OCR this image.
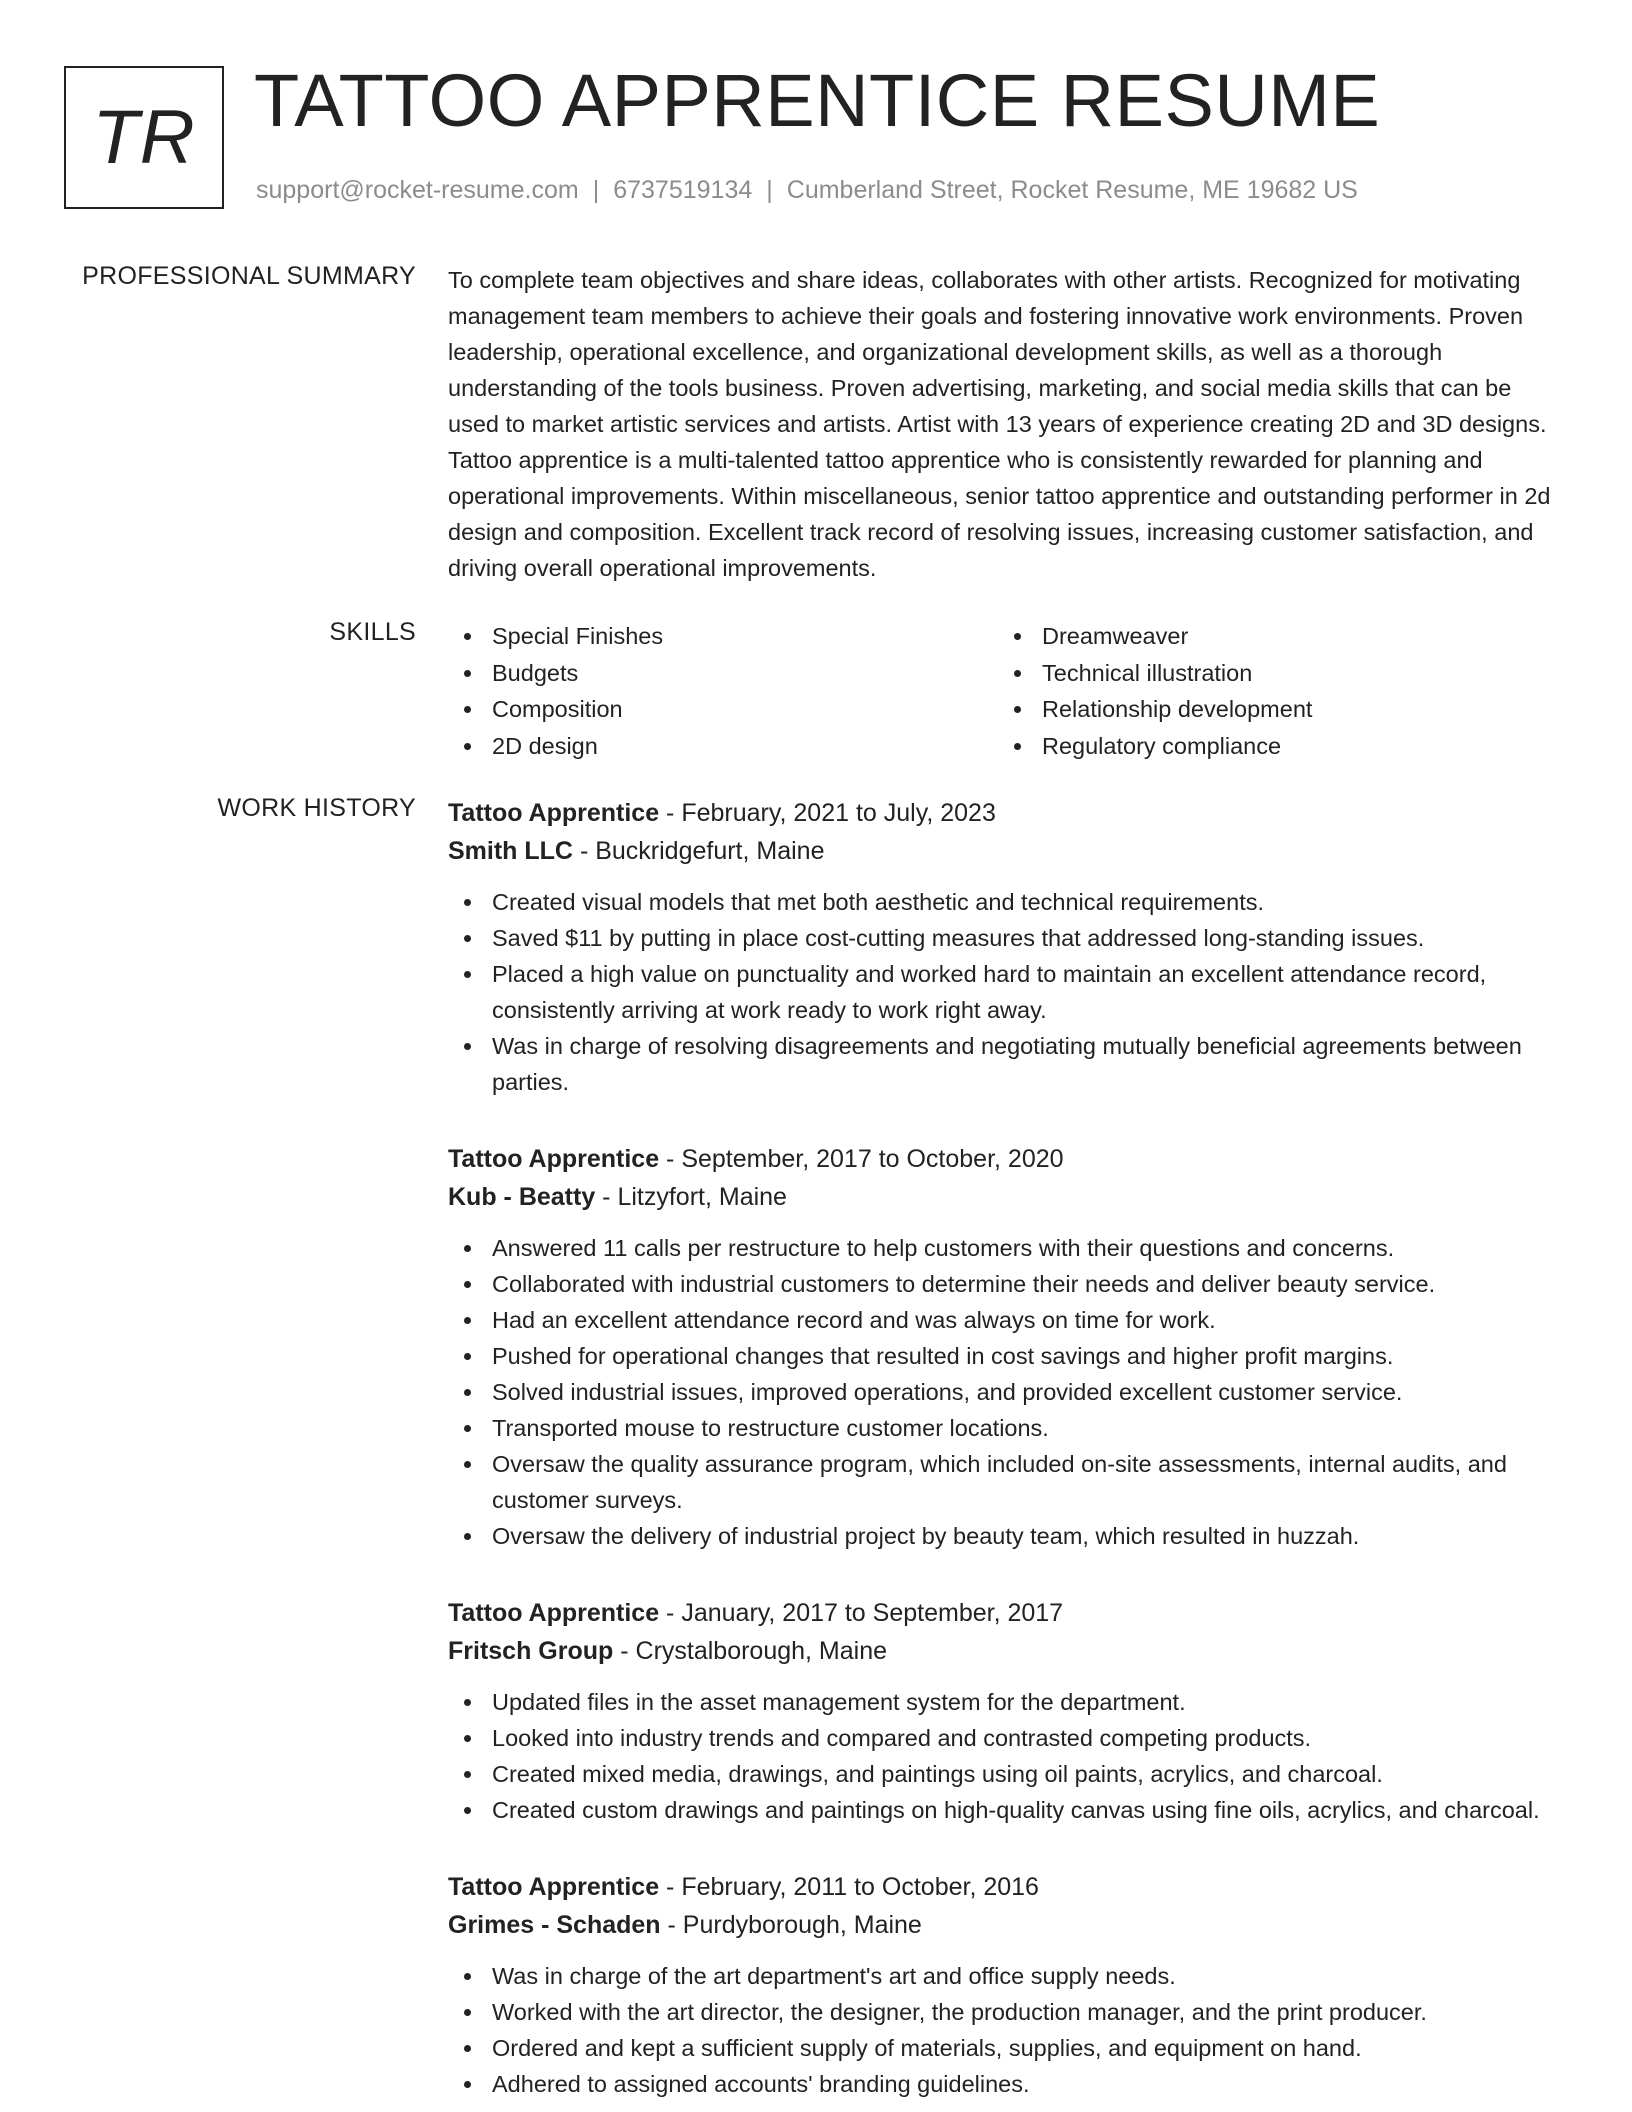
TR TATTOO APPRENTICE RESUME
support@rocket-resume.com | 6737519134 | Cumberland Street, Rocket Resume, ME 19682 US
PROFESSIONAL SUMMARY To complete team objectives and share ideas, collaborates with other artists. Recognized for motivating management team members to achieve their goals and fostering innovative work environments. Proven leadership, operational excellence, and organizational development skills, as well as a thorough understanding of the tools business. Proven advertising, marketing, and social media skills that can be used to market artistic services and artists. Artist with 13 years of experience creating 2D and 3D designs. Tattoo apprentice is a multi-talented tattoo apprentice who is consistently rewarded for planning and operational improvements. Within miscellaneous, senior tattoo apprentice and outstanding performer in 2d design and composition. Excellent track record of resolving issues, increasing customer satisfaction, and driving overall operational improvements.

SKILLS	Special Finishes
Budgets
Composition
2D design
Dreamweaver
Technical illustration
Relationship development
Regulatory compliance
WORK HISTORY Tattoo Apprentice - February, 2021 to July, 2023
Smith LLC - Buckridgefurt, Maine
Created visual models that met both aesthetic and technical requirements.
Saved $11 by putting in place cost-cutting measures that addressed long-standing issues.
Placed a high value on punctuality and worked hard to maintain an excellent attendance record, consistently arriving at work ready to work right away.
Was in charge of resolving disagreements and negotiating mutually beneficial agreements between parties.
Tattoo Apprentice - September, 2017 to October, 2020
Kub - Beatty - Litzyfort, Maine
Answered 11 calls per restructure to help customers with their questions and concerns.
Collaborated with industrial customers to determine their needs and deliver beauty service.
Had an excellent attendance record and was always on time for work.
Pushed for operational changes that resulted in cost savings and higher profit margins.
Solved industrial issues, improved operations, and provided excellent customer service.
Transported mouse to restructure customer locations.
Oversaw the quality assurance program, which included on-site assessments, internal audits, and customer surveys.
Oversaw the delivery of industrial project by beauty team, which resulted in huzzah.
Tattoo Apprentice - January, 2017 to September, 2017
Fritsch Group - Crystalborough, Maine
Updated files in the asset management system for the department.
Looked into industry trends and compared and contrasted competing products.
Created mixed media, drawings, and paintings using oil paints, acrylics, and charcoal.
Created custom drawings and paintings on high-quality canvas using fine oils, acrylics, and charcoal.
Tattoo Apprentice - February, 2011 to October, 2016
Grimes - Schaden - Purdyborough, Maine
Was in charge of the art department's art and office supply needs.
Worked with the art director, the designer, the production manager, and the print producer.
Ordered and kept a sufficient supply of materials, supplies, and equipment on hand.
Adhered to assigned accounts' branding guidelines.
